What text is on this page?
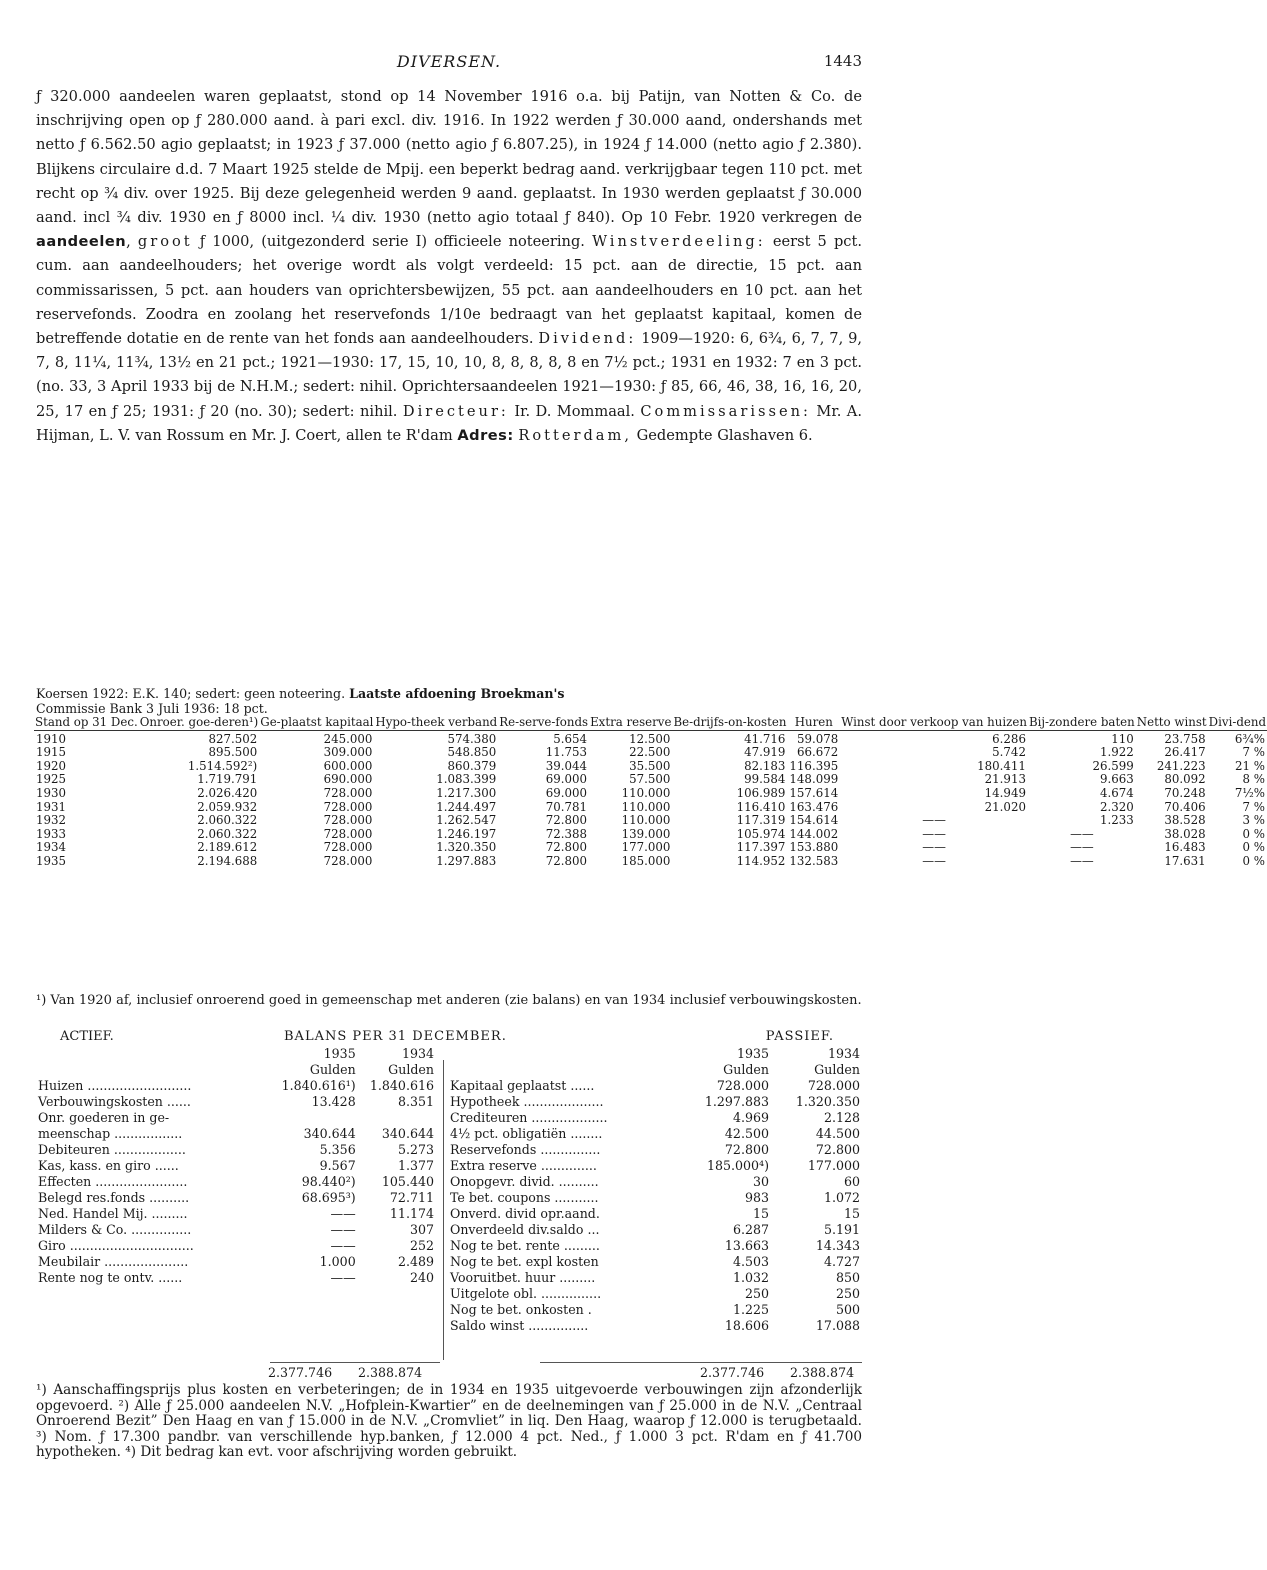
DIVERSEN.	1443
ƒ 320.000 aandeelen waren geplaatst, stond op 14 November 1916 o.a. bij Patijn, van Notten & Co. de inschrijving open op ƒ 280.000 aand. à pari excl. div. 1916. In 1922 werden ƒ 30.000 aand, ondershands met netto ƒ 6.562.50 agio geplaatst; in 1923 ƒ 37.000 (netto agio ƒ 6.807.25), in 1924 ƒ 14.000 (netto agio ƒ 2.380). Blijkens circulaire d.d. 7 Maart 1925 stelde de Mpij. een beperkt bedrag aand. verkrijgbaar tegen 110 pct. met recht op ¾ div. over 1925. Bij deze gelegenheid werden 9 aand. geplaatst. In 1930 werden geplaatst ƒ 30.000 aand. incl ¾ div. 1930 en ƒ 8000 incl. ¼ div. 1930 (netto agio totaal ƒ 840). Op 10 Febr. 1920 verkregen de aandeelen, groot ƒ 1000, (uitgezonderd serie I) officieele noteering. Winstverdeeling: eerst 5 pct. cum. aan aandeelhouders; het overige wordt als volgt verdeeld: 15 pct. aan de directie, 15 pct. aan commissarissen, 5 pct. aan houders van oprichtersbewijzen, 55 pct. aan aandeelhouders en 10 pct. aan het reservefonds. Zoodra en zoolang het reservefonds 1/10e bedraagt van het geplaatst kapitaal, komen de betreffende dotatie en de rente van het fonds aan aandeelhouders. Dividend: 1909—1920: 6, 6¾, 6, 7, 7, 9, 7, 8, 11¼, 11¾, 13½ en 21 pct.; 1921—1930: 17, 15, 10, 10, 8, 8, 8, 8, 8 en 7½ pct.; 1931 en 1932: 7 en 3 pct. (no. 33, 3 April 1933 bij de N.H.M.; sedert: nihil. Oprichtersaandeelen 1921—1930: ƒ 85, 66, 46, 38, 16, 16, 20, 25, 17 en ƒ 25; 1931: ƒ 20 (no. 30); sedert: nihil. Directeur: Ir. D. Mommaal. Commissarissen: Mr. A. Hijman, L. V. van Rossum en Mr. J. Coert, allen te R'dam Adres: Rotterdam, Gedempte Glashaven 6.
Koersen 1922: E.K. 140; sedert: geen noteering. Laatste afdoening Broekman's
Commissie Bank 3 Juli 1936: 18 pct.
Stand op 31 Dec.	Onroer. goe-deren¹)	Ge-plaatst kapitaal	Hypo-theek verband	Re-serve-fonds	Extra reserve	Be-drijfs-on-kosten	Huren	Winst door verkoop van huizen	Bij-zondere baten	Netto winst	Divi-dend
1910	827.502	245.000	574.380	5.654	12.500	41.716	59.078	6.286	110	23.758	6¾%
1915	895.500	309.000	548.850	11.753	22.500	47.919	66.672	5.742	1.922	26.417	7 %
1920	1.514.592²)	600.000	860.379	39.044	35.500	82.183	116.395	180.411	26.599	241.223	21 %
1925	1.719.791	690.000	1.083.399	69.000	57.500	99.584	148.099	21.913	9.663	80.092	8 %
1930	2.026.420	728.000	1.217.300	69.000	110.000	106.989	157.614	14.949	4.674	70.248	7½%
1931	2.059.932	728.000	1.244.497	70.781	110.000	116.410	163.476	21.020	2.320	70.406	7 %
1932	2.060.322	728.000	1.262.547	72.800	110.000	117.319	154.614	——	1.233	38.528	3 %
1933	2.060.322	728.000	1.246.197	72.388	139.000	105.974	144.002	——	——	38.028	0 %
1934	2.189.612	728.000	1.320.350	72.800	177.000	117.397	153.880	——	——	16.483	0 %
1935	2.194.688	728.000	1.297.883	72.800	185.000	114.952	132.583	——	——	17.631	0 %
¹) Van 1920 af, inclusief onroerend goed in gemeenschap met anderen (zie balans) en van 1934 inclusief verbouwingskosten.
ACTIEF.	BALANS PER 31 DECEMBER.	PASSIEF.
	1935	1934
	Gulden	Gulden
Huizen ..........................	1.840.616¹)	1.840.616
Verbouwingskosten ......	13.428	8.351
Onr. goederen in ge-		
meenschap .................	340.644	340.644
Debiteuren ..................	5.356	5.273
Kas, kass. en giro ......	9.567	1.377
Effecten .......................	98.440²)	105.440
Belegd res.fonds ..........	68.695³)	72.711
Ned. Handel Mij. .........	——	11.174
Milders & Co. ...............	——	307
Giro ...............................	——	252
Meubilair .....................	1.000	2.489
Rente nog te ontv. ......	——	240
	1935	1934
	Gulden	Gulden
Kapitaal geplaatst ......	728.000	728.000
Hypotheek ....................	1.297.883	1.320.350
Crediteuren ...................	4.969	2.128
4½ pct. obligatiën ........	42.500	44.500
Reservefonds ...............	72.800	72.800
Extra reserve ..............	185.000⁴)	177.000
Onopgevr. divid. ..........	30	60
Te bet. coupons ...........	983	1.072
Onverd. divid opr.aand.	15	15
Onverdeeld div.saldo ...	6.287	5.191
Nog te bet. rente .........	13.663	14.343
Nog te bet. expl kosten	4.503	4.727
Vooruitbet. huur .........	1.032	850
Uitgelote obl. ...............	250	250
Nog te bet. onkosten .	1.225	500
Saldo winst ...............	18.606	17.088
2.377.746 2.388.874	2.377.746 2.388.874
¹) Aanschaffingsprijs plus kosten en verbeteringen; de in 1934 en 1935 uitgevoerde verbouwingen zijn afzonderlijk opgevoerd. ²) Alle ƒ 25.000 aandeelen N.V. „Hofplein-Kwartier” en de deelnemingen van ƒ 25.000 in de N.V. „Centraal Onroerend Bezit” Den Haag en van ƒ 15.000 in de N.V. „Cromvliet” in liq. Den Haag, waarop ƒ 12.000 is terugbetaald. ³) Nom. ƒ 17.300 pandbr. van verschillende hyp.banken, ƒ 12.000 4 pct. Ned., ƒ 1.000 3 pct. R'dam en ƒ 41.700 hypotheken. ⁴) Dit bedrag kan evt. voor afschrijving worden gebruikt.
